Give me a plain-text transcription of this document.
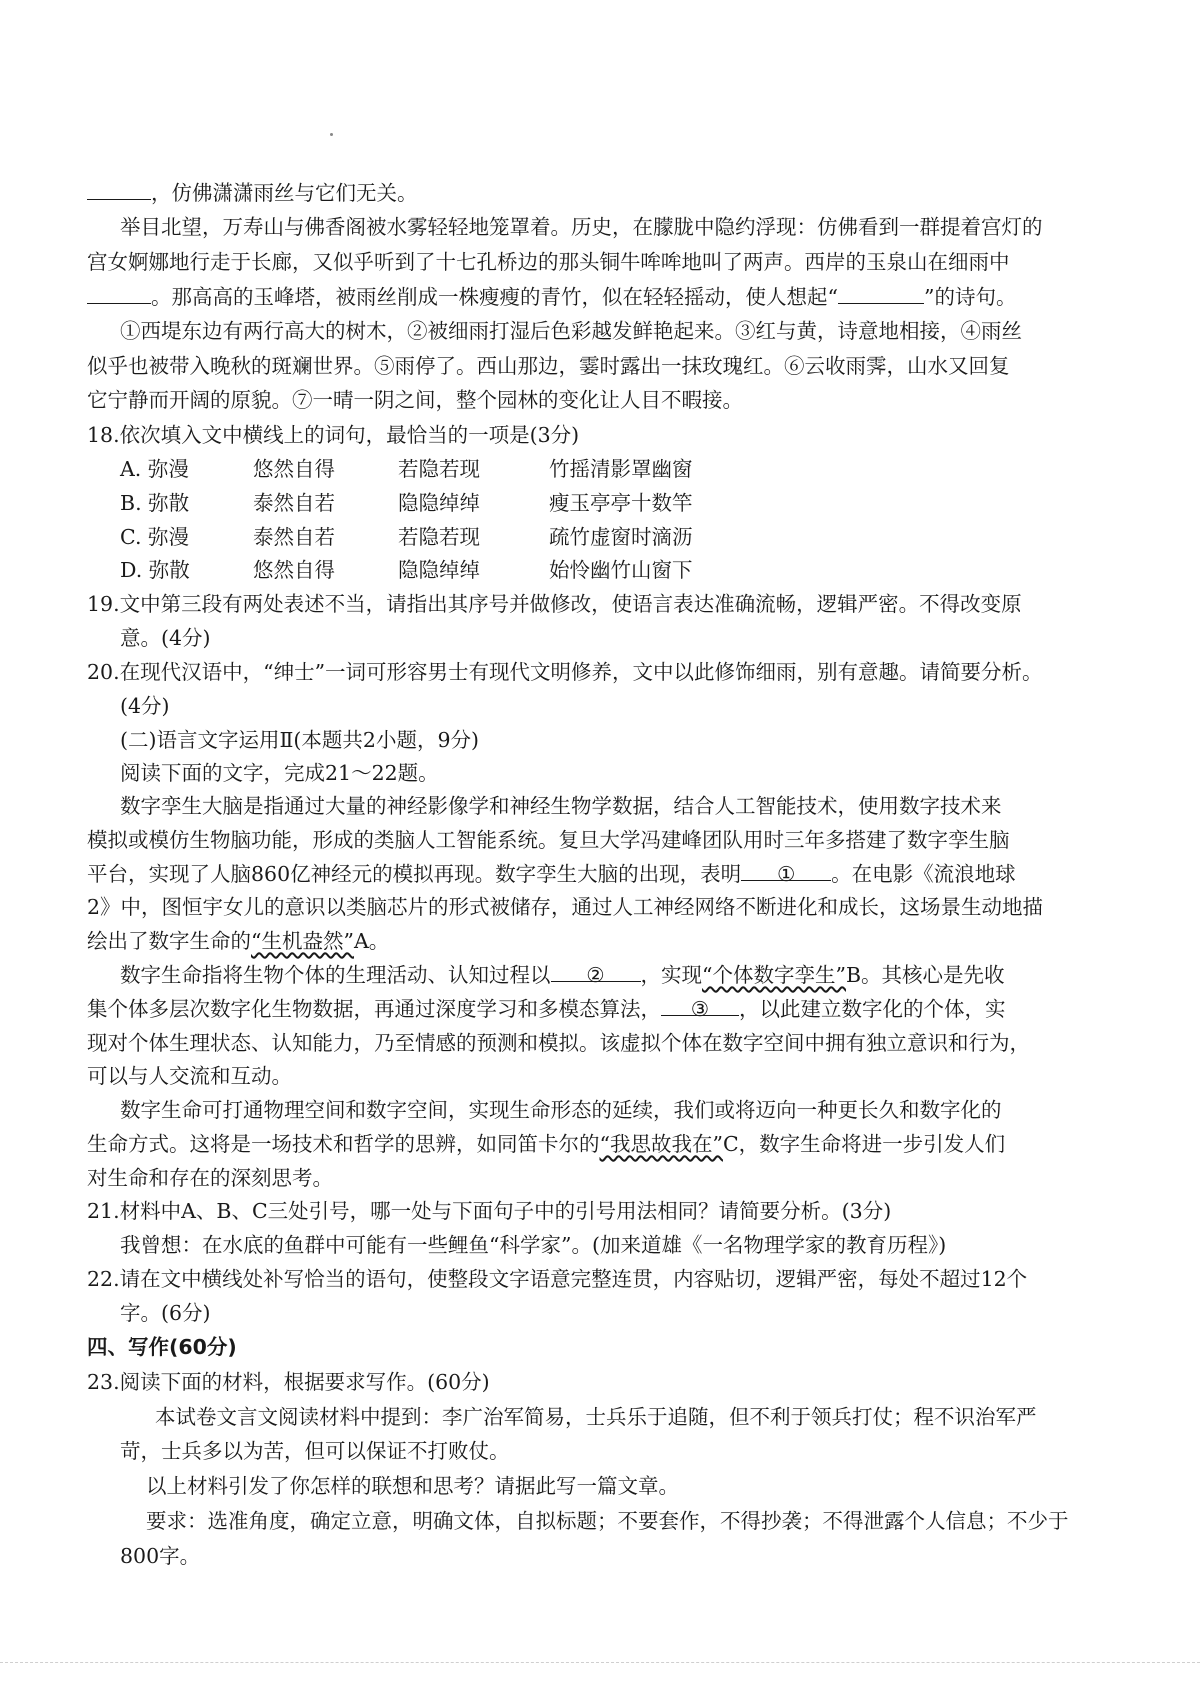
，仿佛潇潇雨丝与它们无关。
举目北望，万寿山与佛香阁被水雾轻轻地笼罩着。历史，在朦胧中隐约浮现：仿佛看到一群提着宫灯的
宫女婀娜地行走于长廊，又似乎听到了十七孔桥边的那头铜牛哞哞地叫了两声。西岸的玉泉山在细雨中
。那高高的玉峰塔，被雨丝削成一株瘦瘦的青竹，似在轻轻摇动，使人想起“	”的诗句。
①西堤东边有两行高大的树木，②被细雨打湿后色彩越发鲜艳起来。③红与黄，诗意地相接，④雨丝
似乎也被带入晚秋的斑斓世界。⑤雨停了。西山那边，霎时露出一抹玫瑰红。⑥云收雨霁，山水又回复
它宁静而开阔的原貌。⑦一晴一阴之间，整个园林的变化让人目不暇接。
18.依次填入文中横线上的词句，最恰当的一项是(3分)
A. 弥漫	悠然自得	若隐若现	竹摇清影罩幽窗
B. 弥散	泰然自若	隐隐绰绰	瘦玉亭亭十数竿
C. 弥漫	泰然自若	若隐若现	疏竹虚窗时滴沥
D. 弥散	悠然自得	隐隐绰绰	始怜幽竹山窗下
19.文中第三段有两处表述不当，请指出其序号并做修改，使语言表达准确流畅，逻辑严密。不得改变原
意。(4分)
20.在现代汉语中，“绅士”一词可形容男士有现代文明修养，文中以此修饰细雨，别有意趣。请简要分析。
(4分)
(二)语言文字运用Ⅱ(本题共2小题，9分)
阅读下面的文字，完成21～22题。
数字孪生大脑是指通过大量的神经影像学和神经生物学数据，结合人工智能技术，使用数字技术来
模拟或模仿生物脑功能，形成的类脑人工智能系统。复旦大学冯建峰团队用时三年多搭建了数字孪生脑
平台，实现了人脑860亿神经元的模拟再现。数字孪生大脑的出现，表明 ① 。在电影《流浪地球
2》中，图恒宇女儿的意识以类脑芯片的形式被储存，通过人工神经网络不断进化和成长，这场景生动地描
绘出了数字生命的“生机盎然”A。
数字生命指将生物个体的生理活动、认知过程以 ② ，实现“个体数字孪生”B。其核心是先收
集个体多层次数字化生物数据，再通过深度学习和多模态算法， ③ ，以此建立数字化的个体，实
现对个体生理状态、认知能力，乃至情感的预测和模拟。该虚拟个体在数字空间中拥有独立意识和行为，
可以与人交流和互动。
数字生命可打通物理空间和数字空间，实现生命形态的延续，我们或将迈向一种更长久和数字化的
生命方式。这将是一场技术和哲学的思辨，如同笛卡尔的“我思故我在”C，数字生命将进一步引发人们
对生命和存在的深刻思考。
21.材料中A、B、C三处引号，哪一处与下面句子中的引号用法相同？请简要分析。(3分)
我曾想：在水底的鱼群中可能有一些鲤鱼“科学家”。(加来道雄《一名物理学家的教育历程》)
22.请在文中横线处补写恰当的语句，使整段文字语意完整连贯，内容贴切，逻辑严密，每处不超过12个
字。(6分)
四、写作(60分)
23.阅读下面的材料，根据要求写作。(60分)
本试卷文言文阅读材料中提到：李广治军简易，士兵乐于追随，但不利于领兵打仗；程不识治军严
苛，士兵多以为苦，但可以保证不打败仗。
以上材料引发了你怎样的联想和思考？请据此写一篇文章。
要求：选准角度，确定立意，明确文体，自拟标题；不要套作，不得抄袭；不得泄露个人信息；不少于
800字。
